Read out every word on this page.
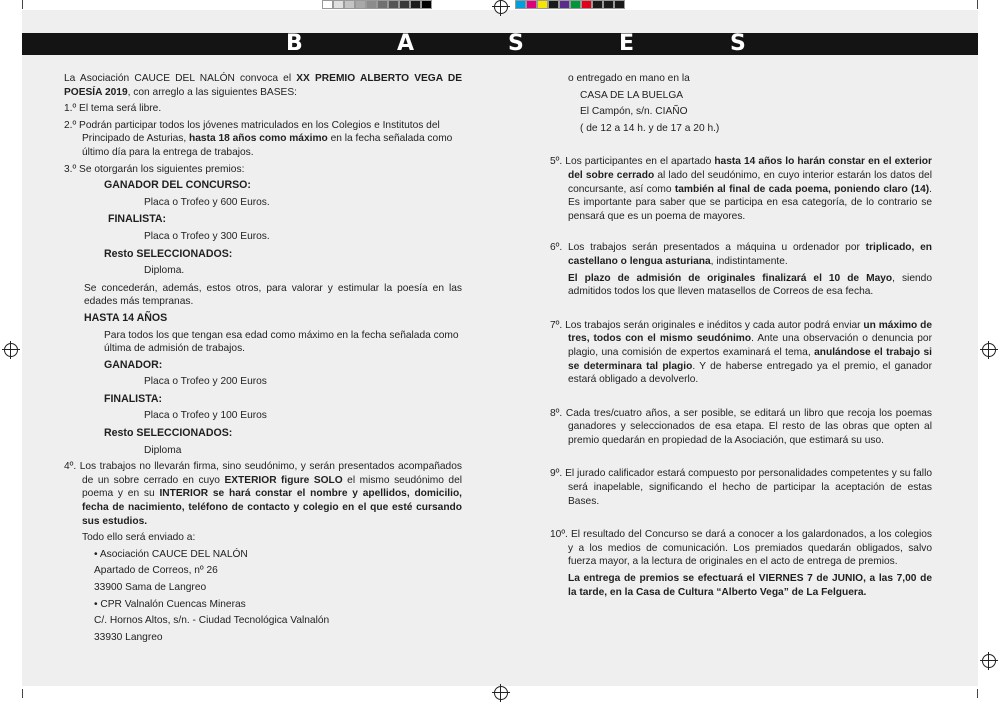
B	A	S	E	S

La Asociación CAUCE DEL NALÓN convoca el XX PREMIO ALBERTO VEGA DE POESÍA 2019, con arreglo a las siguientes BASES:

1.º El tema será libre.

2.º Podrán participar todos los jóvenes matriculados en los Colegios e Institutos del Principado de Asturias, hasta 18 años como máximo en la fecha señalada como último día para la entrega de trabajos.

3.º Se otorgarán los siguientes premios:

GANADOR DEL CONCURSO:

Placa o Trofeo y 600 Euros.

FINALISTA:

Placa o Trofeo y 300 Euros.

Resto SELECCIONADOS:

Diploma.

Se concederán, además, estos otros, para valorar y estimular la poesía en las edades más tempranas.

HASTA 14 AÑOS

Para todos los que tengan esa edad como máximo en la fecha señalada como última de admisión de trabajos.

GANADOR:

Placa o Trofeo y 200 Euros

FINALISTA:

Placa o Trofeo y 100 Euros

Resto SELECCIONADOS:

Diploma

4º. Los trabajos no llevarán firma, sino seudónimo, y serán presentados acompañados de un sobre cerrado en cuyo EXTERIOR figure SOLO el mismo seudónimo del poema y en su INTERIOR se hará constar el nombre y apellidos, domicilio, fecha de nacimiento, teléfono de contacto y colegio en el que esté cursando sus estudios.

Todo ello será enviado a:

• Asociación CAUCE DEL NALÓN

Apartado de Correos, nº 26

33900 Sama de Langreo

• CPR Valnalón Cuencas Mineras

C/. Hornos Altos, s/n. - Ciudad Tecnológica Valnalón

33930 Langreo

o entregado en mano en la

CASA DE LA BUELGA

El Campón, s/n. CIAÑO

( de 12 a 14 h. y de 17 a 20 h.)

5º. Los participantes en el apartado hasta 14 años lo harán constar en el exterior del sobre cerrado al lado del seudónimo, en cuyo interior estarán los datos del concursante, así como también al final de cada poema, poniendo claro (14). Es importante para saber que se participa en esa categoría, de lo contrario se pensará que es un poema de mayores.

6º. Los trabajos serán presentados a máquina u ordenador por triplicado, en castellano o lengua asturiana, indistintamente.

El plazo de admisión de originales finalizará el 10 de Mayo, siendo admitidos todos los que lleven matasellos de Correos de esa fecha.

7º. Los trabajos serán originales e inéditos y cada autor podrá enviar un máximo de tres, todos con el mismo seudónimo. Ante una observación o denuncia por plagio, una comisión de expertos examinará el tema, anulándose el trabajo si se determinara tal plagio. Y de haberse entregado ya el premio, el ganador estará obligado a devolverlo.

8º. Cada tres/cuatro años, a ser posible, se editará un libro que recoja los poemas ganadores y seleccionados de esa etapa. El resto de las obras que opten al premio quedarán en propiedad de la Asociación, que estimará su uso.

9º. El jurado calificador estará compuesto por personalidades competentes y su fallo será inapelable, significando el hecho de participar la aceptación de estas Bases.

10º. El resultado del Concurso se dará a conocer a los galardonados, a los colegios y a los medios de comunicación. Los premiados quedarán obligados, salvo fuerza mayor, a la lectura de originales en el acto de entrega de premios.

La entrega de premios se efectuará el VIERNES 7 de JUNIO, a las 7,00 de la tarde, en la Casa de Cultura “Alberto Vega” de La Felguera.
